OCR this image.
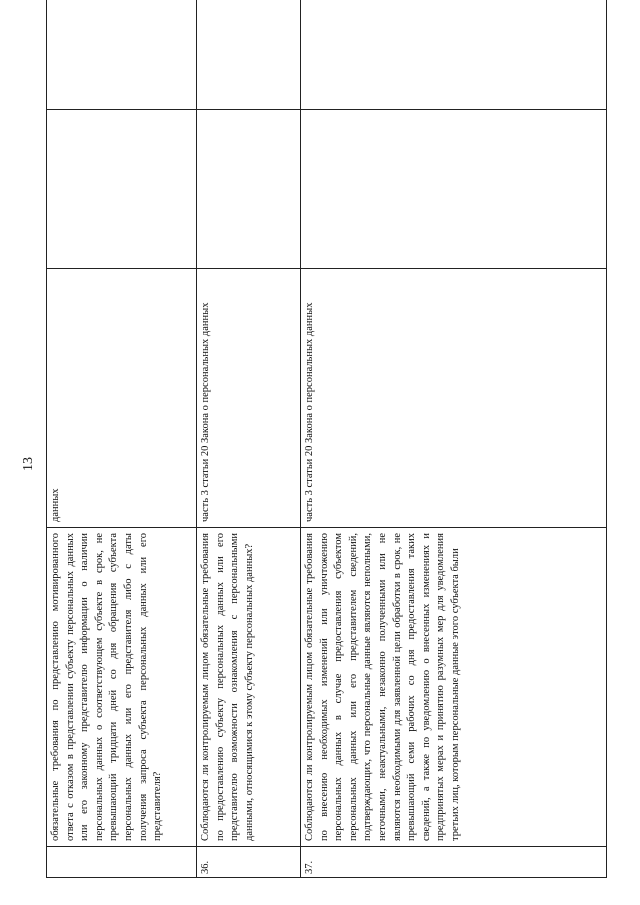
13
	обязательные требования по представлению мотивированного ответа с отказом в представлении субъекту персональных данных или его законному представителю информации о наличии персональных данных о соответствующем субъекте в срок, не превышающий тридцати дней со дня обращения субъекта персональных данных или его представителя либо с даты получения запроса субъекта персональных данных или его представителя?	данных		
36.	Соблюдаются ли контролируемым лицом обязательные требования по предоставлению субъекту персональных данных или его представителю возможности ознакомления с персональными данными, относящимися к этому субъекту персональных данных?	часть 3 статьи 20 Закона о персональных данных		
37.	Соблюдаются ли контролируемым лицом обязательные требования по внесению необходимых изменений или уничтожению персональных данных в случае предоставления субъектом персональных данных или его представителем сведений, подтверждающих, что персональные данные являются неполными, неточными, неактуальными, незаконно полученными или не являются необходимыми для заявленной цели обработки в срок, не превышающий семи рабочих со дня предоставления таких сведений, а также по уведомлению о внесенных изменениях и предпринятых мерах и принятию разумных мер для уведомления третьих лиц, которым персональные данные этого субъекта были	часть 3 статьи 20 Закона о персональных данных		
